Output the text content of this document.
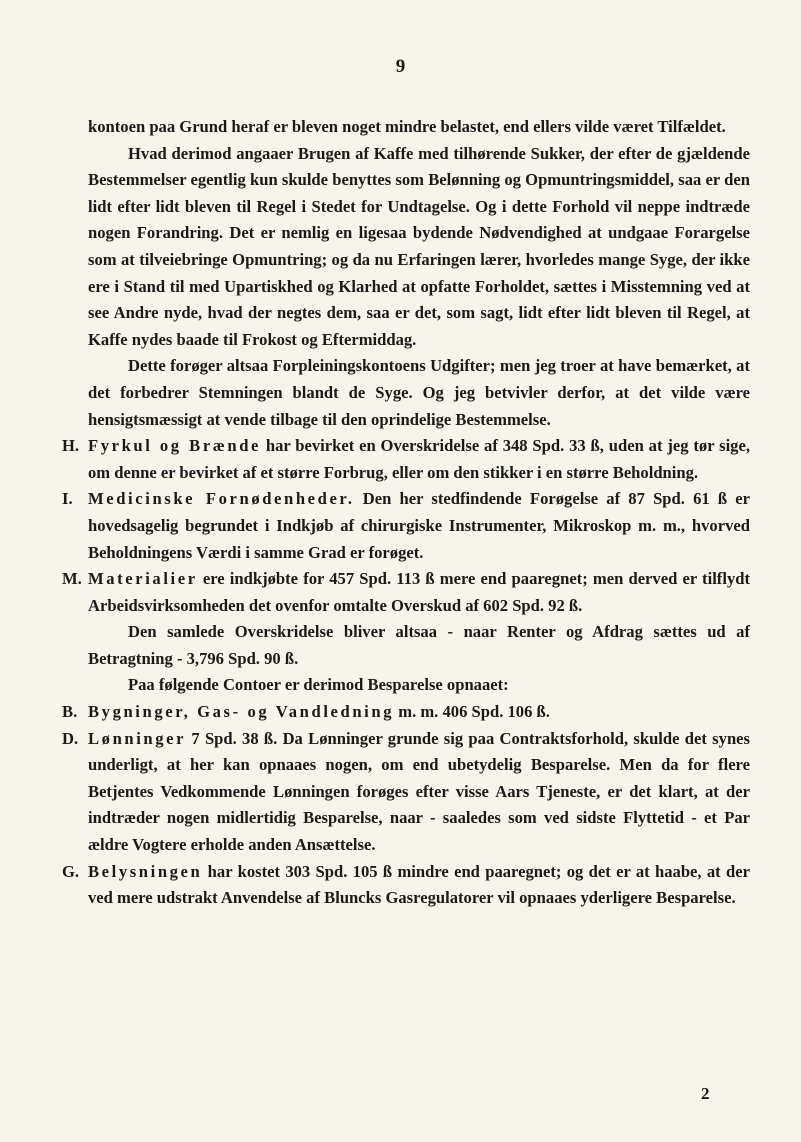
9

kontoen paa Grund heraf er bleven noget mindre belastet, end ellers vilde været Tilfældet.

Hvad derimod angaaer Brugen af Kaffe med tilhørende Sukker, der efter de gjældende Bestemmelser egentlig kun skulde benyttes som Belønning og Opmuntringsmiddel, saa er den lidt efter lidt bleven til Regel i Stedet for Undtagelse. Og i dette Forhold vil neppe indtræde nogen Forandring. Det er nemlig en ligesaa bydende Nødvendighed at undgaae Forargelse som at tilveiebringe Opmuntring; og da nu Erfaringen lærer, hvorledes mange Syge, der ikke ere i Stand til med Upartiskhed og Klarhed at opfatte Forholdet, sættes i Misstemning ved at see Andre nyde, hvad der negtes dem, saa er det, som sagt, lidt efter lidt bleven til Regel, at Kaffe nydes baade til Frokost og Eftermiddag.

Dette forøger altsaa Forpleiningskontoens Udgifter; men jeg troer at have bemærket, at det forbedrer Stemningen blandt de Syge. Og jeg betvivler derfor, at det vilde være hensigtsmæssigt at vende tilbage til den oprindelige Bestemmelse.

H. Fyrkul og Brænde har bevirket en Overskridelse af 348 Spd. 33 ß, uden at jeg tør sige, om denne er bevirket af et større Forbrug, eller om den stikker i en større Beholdning.

I. Medicinske Fornødenheder. Den her stedfindende Forøgelse af 87 Spd. 61 ß er hovedsagelig begrundet i Indkjøb af chirurgiske Instrumenter, Mikroskop m. m., hvorved Beholdningens Værdi i samme Grad er forøget.

M. Materialier ere indkjøbte for 457 Spd. 113 ß mere end paaregnet; men derved er tilflydt Arbeidsvirksomheden det ovenfor omtalte Overskud af 602 Spd. 92 ß.

Den samlede Overskridelse bliver altsaa - naar Renter og Afdrag sættes ud af Betragtning - 3,796 Spd. 90 ß.

Paa følgende Contoer er derimod Besparelse opnaaet:

B. Bygninger, Gas- og Vandledning m. m. 406 Spd. 106 ß.

D. Lønninger 7 Spd. 38 ß. Da Lønninger grunde sig paa Contraktsforhold, skulde det synes underligt, at her kan opnaaes nogen, om end ubetydelig Besparelse. Men da for flere Betjentes Vedkommende Lønningen forøges efter visse Aars Tjeneste, er det klart, at der indtræder nogen midlertidig Besparelse, naar - saaledes som ved sidste Flyttetid - et Par ældre Vogtere erholde anden Ansættelse.

G. Belysningen har kostet 303 Spd. 105 ß mindre end paaregnet; og det er at haabe, at der ved mere udstrakt Anvendelse af Bluncks Gasregulatorer vil opnaaes yderligere Besparelse.

2
